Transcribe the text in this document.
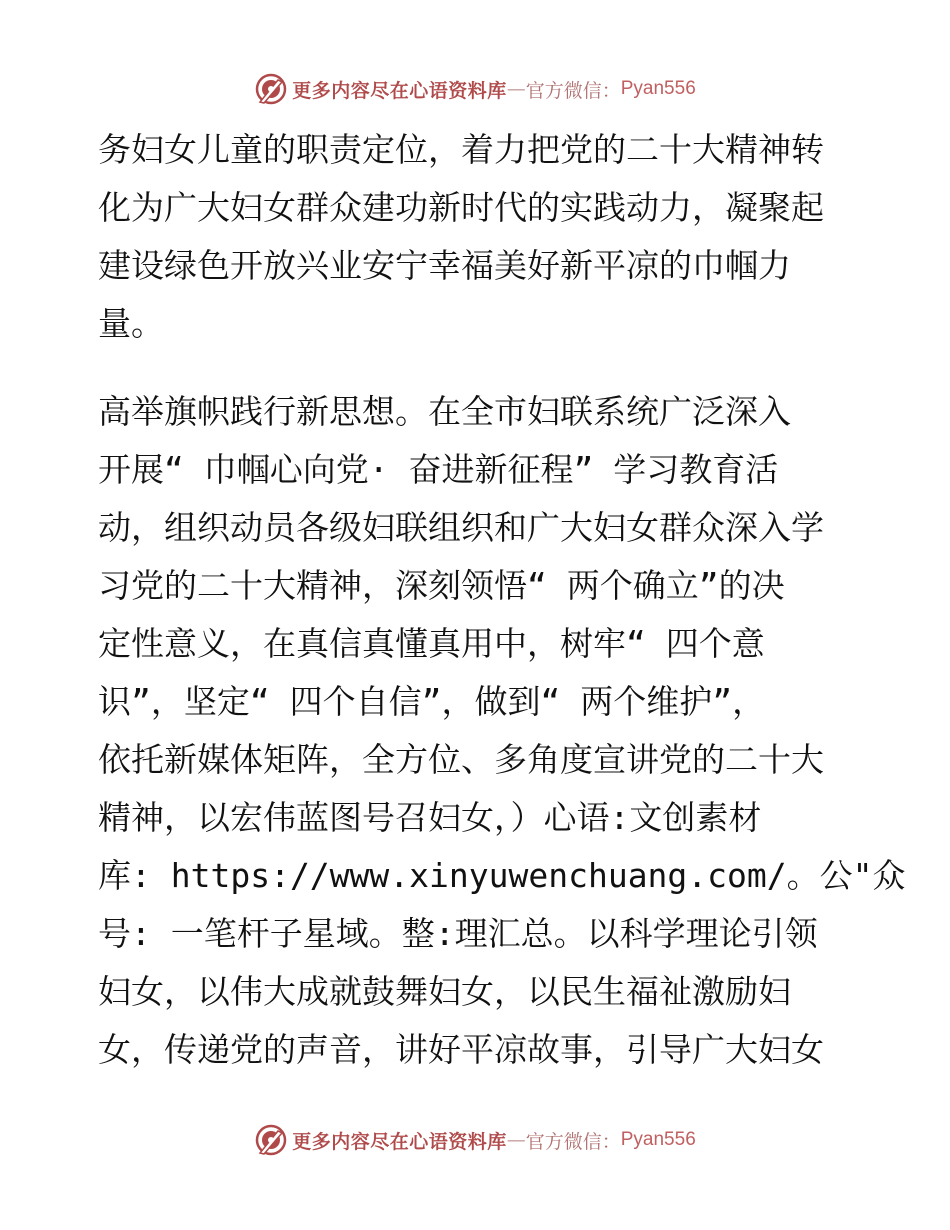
更多内容尽在心语资料库 — 官方微信： Pyan556
务妇女儿童的职责定位，着力把党的二十大精神转
化为广大妇女群众建功新时代的实践动力，凝聚起
建设绿色开放兴业安宁幸福美好新平凉的巾帼力
量。
高举旗帜践行新思想。在全市妇联系统广泛深入
开展“ 巾帼心向党· 奋进新征程” 学习教育活
动，组织动员各级妇联组织和广大妇女群众深入学
习党的二十大精神，深刻领悟“ 两个确立”的决
定性意义，在真信真懂真用中，树牢“ 四个意
识”，坚定“ 四个自信”，做到“ 两个维护”，
依托新媒体矩阵，全方位、多角度宣讲党的二十大
精神，以宏伟蓝图号召妇女，）心语:文创素材
库: https://www.xinyuwenchuang.com/。公"众
号: 一笔杆子星域。整:理汇总。以科学理论引领
妇女，以伟大成就鼓舞妇女，以民生福祉激励妇
女，传递党的声音，讲好平凉故事，引导广大妇女
更多内容尽在心语资料库 — 官方微信： Pyan556
